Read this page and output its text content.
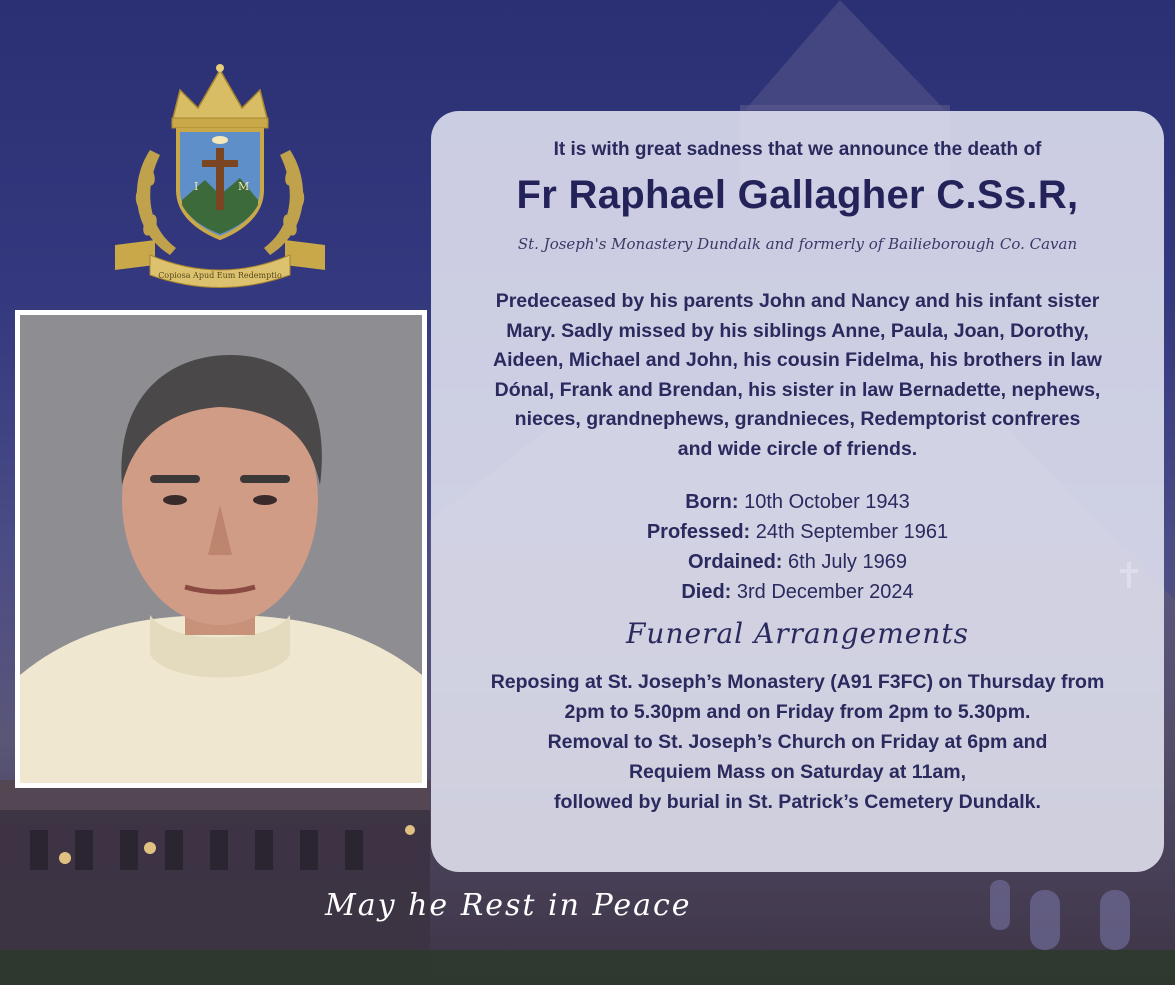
I	M
Copiosa Apud Eum Redemptio
It is with great sadness that we announce the death of
Fr Raphael Gallagher C.Ss.R,
St. Joseph's Monastery Dundalk and formerly of Bailieborough Co. Cavan
Predeceased by his parents John and Nancy and his infant sister
Mary. Sadly missed by his siblings Anne, Paula, Joan, Dorothy,
Aideen, Michael and John, his cousin Fidelma, his brothers in law
Dónal, Frank and Brendan, his sister in law Bernadette, nephews,
nieces, grandnephews, grandnieces, Redemptorist confreres
and wide circle of friends.
Born: 10th October 1943
Professed: 24th September 1961
Ordained: 6th July 1969
Died: 3rd December 2024
Funeral Arrangements
Reposing at St. Joseph’s Monastery (A91 F3FC) on Thursday from
2pm to 5.30pm and on Friday from 2pm to 5.30pm.
Removal to St. Joseph’s Church on Friday at 6pm and
Requiem Mass on Saturday at 11am,
followed by burial in St. Patrick’s Cemetery Dundalk.
May he Rest in Peace
